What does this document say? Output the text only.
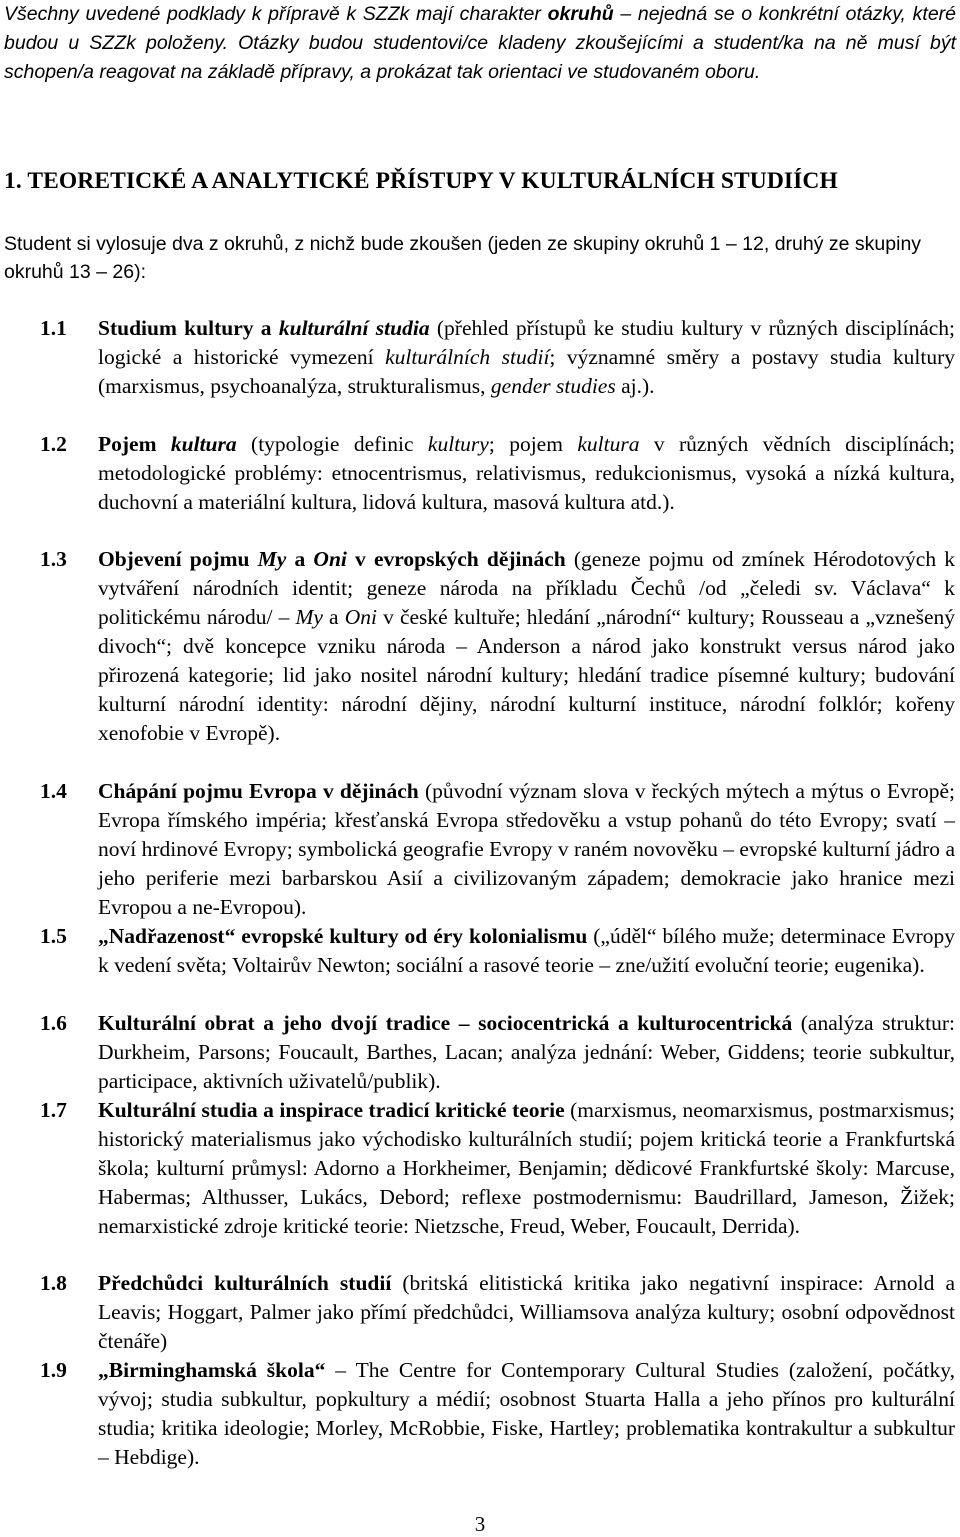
Všechny uvedené podklady k přípravě k SZZk mají charakter okruhů – nejedná se o konkrétní otázky, které budou u SZZk položeny. Otázky budou studentovi/ce kladeny zkoušejícími a student/ka na ně musí být schopen/a reagovat na základě přípravy, a prokázat tak orientaci ve studovaném oboru.

1. TEORETICKÉ A ANALYTICKÉ PŘÍSTUPY V KULTURÁLNÍCH STUDIÍCH

Student si vylosuje dva z okruhů, z nichž bude zkoušen (jeden ze skupiny okruhů 1 – 12, druhý ze skupiny okruhů 13 – 26):

1.1 Studium kultury a kulturální studia (přehled přístupů ke studiu kultury v různých disciplínách; logické a historické vymezení kulturálních studií; významné směry a postavy studia kultury (marxismus, psychoanalýza, strukturalismus, gender studies aj.).
1.2 Pojem kultura (typologie definic kultury; pojem kultura v různých vědních disciplínách; metodologické problémy: etnocentrismus, relativismus, redukcionismus, vysoká a nízká kultura, duchovní a materiální kultura, lidová kultura, masová kultura atd.).
1.3 Objevení pojmu My a Oni v evropských dějinách (geneze pojmu od zmínek Hérodotových k vytváření národních identit; geneze národa na příkladu Čechů /od „čeledi sv. Václava“ k politickému národu/ – My a Oni v české kultuře; hledání „národní“ kultury; Rousseau a „vznešený divoch“; dvě koncepce vzniku národa – Anderson a národ jako konstrukt versus národ jako přirozená kategorie; lid jako nositel národní kultury; hledání tradice písemné kultury; budování kulturní národní identity: národní dějiny, národní kulturní instituce, národní folklór; kořeny xenofobie v Evropě).
1.4 Chápání pojmu Evropa v dějinách (původní význam slova v řeckých mýtech a mýtus o Evropě; Evropa římského impéria; křesťanská Evropa středověku a vstup pohanů do této Evropy; svatí – noví hrdinové Evropy; symbolická geografie Evropy v raném novověku – evropské kulturní jádro a jeho periferie mezi barbarskou Asií a civilizovaným západem; demokracie jako hranice mezi Evropou a ne-Evropou).
1.5 „Nadřazenost“ evropské kultury od éry kolonialismu („úděl“ bílého muže; determinace Evropy k vedení světa; Voltairův Newton; sociální a rasové teorie – zne/užití evoluční teorie; eugenika).
1.6 Kulturální obrat a jeho dvojí tradice – sociocentrická a kulturocentrická (analýza struktur: Durkheim, Parsons; Foucault, Barthes, Lacan; analýza jednání: Weber, Giddens; teorie subkultur, participace, aktivních uživatelů/publik).
1.7 Kulturální studia a inspirace tradicí kritické teorie (marxismus, neomarxismus, postmarxismus; historický materialismus jako východisko kulturálních studií; pojem kritická teorie a Frankfurtská škola; kulturní průmysl: Adorno a Horkheimer, Benjamin; dědicové Frankfurtské školy: Marcuse, Habermas; Althusser, Lukács, Debord; reflexe postmodernismu: Baudrillard, Jameson, Žižek; nemarxistické zdroje kritické teorie: Nietzsche, Freud, Weber, Foucault, Derrida).
1.8 Předchůdci kulturálních studií (britská elitistická kritika jako negativní inspirace: Arnold a Leavis; Hoggart, Palmer jako přímí předchůdci, Williamsova analýza kultury; osobní odpovědnost čtenáře)
1.9 „Birminghamská škola“ – The Centre for Contemporary Cultural Studies (založení, počátky, vývoj; studia subkultur, popkultury a médií; osobnost Stuarta Halla a jeho přínos pro kulturální studia; kritika ideologie; Morley, McRobbie, Fiske, Hartley; problematika kontrakultur a subkultur – Hebdige).
3
